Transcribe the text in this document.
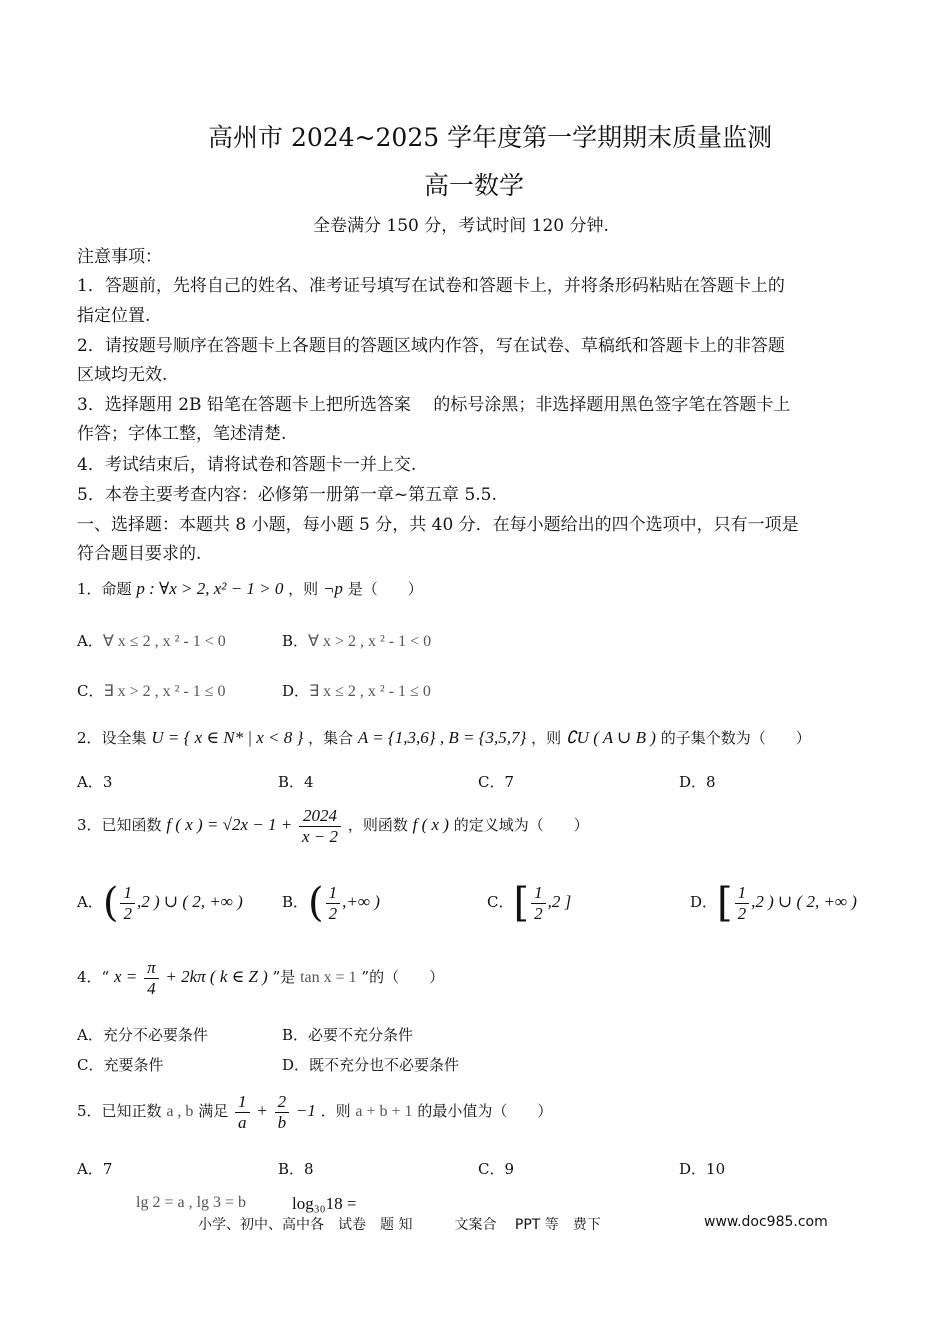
高州市 2024~2025 学年度第一学期期末质量监测
高一数学
全卷满分 150 分，考试时间 120 分钟.
注意事项：
1．答题前，先将自己的姓名、准考证号填写在试卷和答题卡上，并将条形码粘贴在答题卡上的
指定位置.
2．请按题号顺序在答题卡上各题目的答题区域内作答，写在试卷、草稿纸和答题卡上的非答题
区域均无效.
3．选择题用 2B 铅笔在答题卡上把所选答案　 的标号涂黑；非选择题用黑色签字笔在答题卡上
作答；字体工整，笔述清楚.
4．考试结束后，请将试卷和答题卡一并上交.
5．本卷主要考查内容：必修第一册第一章~第五章 5.5.
一、选择题：本题共 8 小题，每小题 5 分，共 40 分．在每小题给出的四个选项中，只有一项是
符合题目要求的.
1．命题 p : ∀x > 2, x² − 1 > 0 ，则 ¬p 是（　　）
A．∀ x ≤ 2 , x ² - 1 < 0	B．∀ x > 2 , x ² - 1 < 0
C．∃ x > 2 , x ² - 1 ≤ 0	D．∃ x ≤ 2 , x ² - 1 ≤ 0
2．设全集 U = { x ∈ N* | x < 8 } ，集合 A = {1,3,6} , B = {3,5,7} ，则 ∁U ( A ∪ B ) 的子集个数为（　　）
A．3	B．4	C．7	D．8
3．已知函数 f ( x ) = $√2x - 1 + \frac{2024}{x - 2}$ ，则函数 f ( x ) 的定义域为（　　）
A．( $\frac{1}{2} ,2$ ) ∪ ( 2, +∞ )	B．( $\frac{1}{2}$ ,+∞ )	C．[ $\frac{1}{2} ,2$ ]	D．[ $\frac{1}{2} ,2$ ) ∪ ( 2, +∞ )
4．“ $x = \frac{\pi}{4} + 2k\pi$ ( k ∈ Z ) ”是 tan x = 1 ”的（　　）
A．充分不必要条件	B．必要不充分条件
C．充要条件	D．既不充分也不必要条件
5．已知正数 a , b 满足 $\frac{1}{a} + \frac{2}{b} -1$ ．则 a + b + 1 的最小值为（　　）
A．7	B．8	C．9	D．10
lg 2 = a , lg 3 = b	log₃₀18 =
小学、初中、高中各　试卷　题 知　　　文案合　 PPT 等　费下	www.doc985.com
